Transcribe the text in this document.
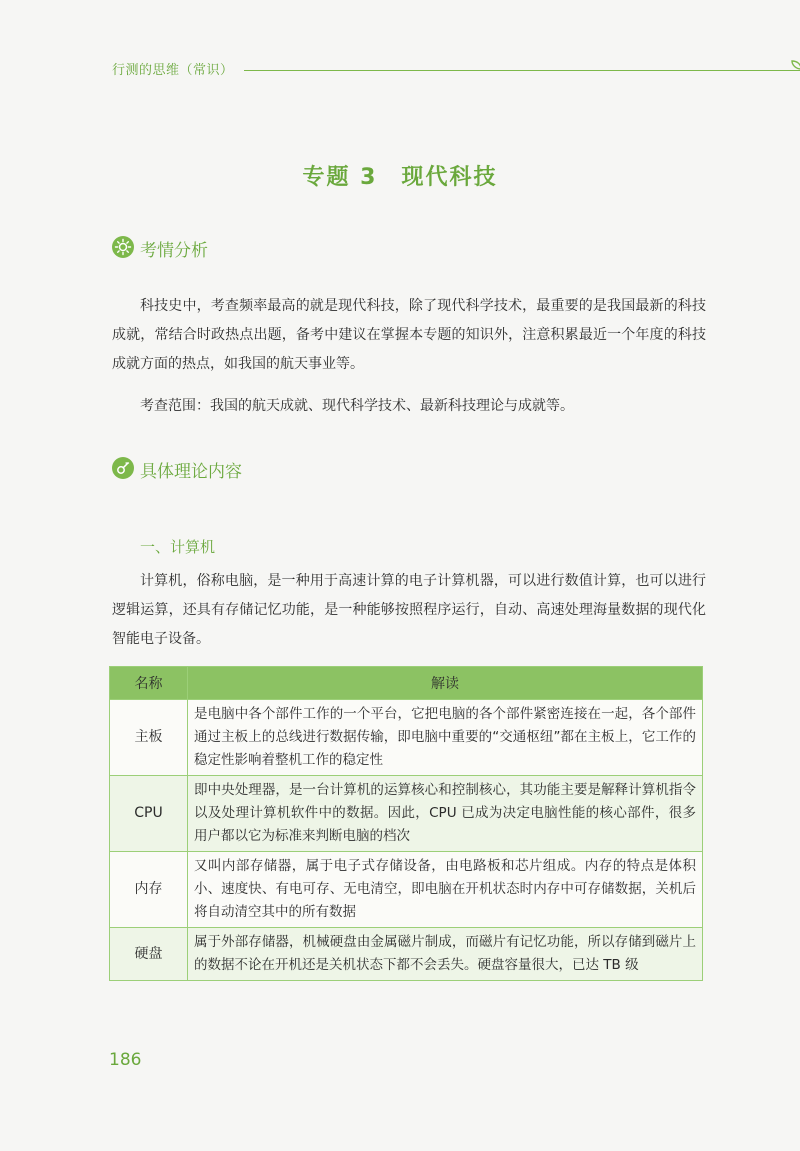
行测的思维（常识）
专题 3 现代科技
考情分析
科技史中，考查频率最高的就是现代科技，除了现代科学技术，最重要的是我国最新的科技成就，常结合时政热点出题，备考中建议在掌握本专题的知识外，注意积累最近一个年度的科技成就方面的热点，如我国的航天事业等。
考查范围：我国的航天成就、现代科学技术、最新科技理论与成就等。
具体理论内容
一、计算机
计算机，俗称电脑，是一种用于高速计算的电子计算机器，可以进行数值计算，也可以进行逻辑运算，还具有存储记忆功能，是一种能够按照程序运行，自动、高速处理海量数据的现代化智能电子设备。
名称	解读
主板	是电脑中各个部件工作的一个平台，它把电脑的各个部件紧密连接在一起，各个部件通过主板上的总线进行数据传输，即电脑中重要的“交通枢纽”都在主板上，它工作的稳定性影响着整机工作的稳定性
CPU	即中央处理器，是一台计算机的运算核心和控制核心，其功能主要是解释计算机指令以及处理计算机软件中的数据。因此，CPU 已成为决定电脑性能的核心部件，很多用户都以它为标准来判断电脑的档次
内存	又叫内部存储器，属于电子式存储设备，由电路板和芯片组成。内存的特点是体积小、速度快、有电可存、无电清空，即电脑在开机状态时内存中可存储数据，关机后将自动清空其中的所有数据
硬盘	属于外部存储器，机械硬盘由金属磁片制成，而磁片有记忆功能，所以存储到磁片上的数据不论在开机还是关机状态下都不会丢失。硬盘容量很大，已达 TB 级
186
